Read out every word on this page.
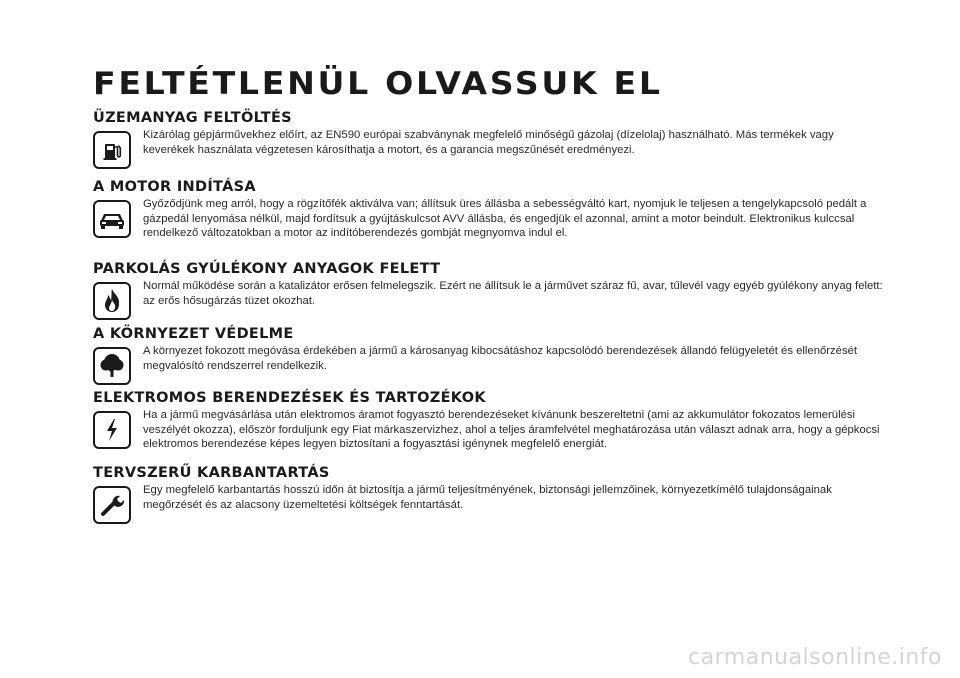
FELTÉTLENÜL OLVASSUK EL
ÜZEMANYAG FELTÖLTÉS
Kizárólag gépjárművekhez előírt, az EN590 európai szabványnak megfelelő minőségű gázolaj (dízelolaj) használható. Más termékek vagy keverékek használata végzetesen károsíthatja a motort, és a garancia megszűnését eredményezi.
A MOTOR INDÍTÁSA
Győződjünk meg arról, hogy a rögzítőfék aktiválva van; állítsuk üres állásba a sebességváltó kart, nyomjuk le teljesen a tengelykapcsoló pedált a gázpedál lenyomása nélkül, majd fordítsuk a gyújtáskulcsot AVV állásba, és engedjük el azonnal, amint a motor beindult. Elektronikus kulccsal rendelkező változatokban a motor az indítóberendezés gombját megnyomva indul el.
PARKOLÁS GYÚLÉKONY ANYAGOK FELETT
Normál működése során a katalizátor erősen felmelegszik. Ezért ne állítsuk le a járművet száraz fű, avar, tűlevél vagy egyéb gyúlékony anyag felett: az erős hősugárzás tüzet okozhat.
A KÖRNYEZET VÉDELME
A környezet fokozott megóvása érdekében a jármű a károsanyag kibocsátáshoz kapcsolódó berendezések állandó felügyeletét és ellenőrzését megvalósító rendszerrel rendelkezik.
ELEKTROMOS BERENDEZÉSEK ÉS TARTOZÉKOK
Ha a jármű megvásárlása után elektromos áramot fogyasztó berendezéseket kívánunk beszereltetni (ami az akkumulátor fokozatos lemerülési veszélyét okozza), először forduljunk egy Fiat márkaszervizhez, ahol a teljes áramfelvétel meghatározása után választ adnak arra, hogy a gépkocsi elektromos berendezése képes legyen biztosítani a fogyasztási igénynek megfelelő energiát.
TERVSZERŰ KARBANTARTÁS
Egy megfelelő karbantartás hosszú időn át biztosítja a jármű teljesítményének, biztonsági jellemzőinek, környezetkímélő tulajdonságainak megőrzését és az alacsony üzemeltetési költségek fenntartását.
carmanualsonline.info
